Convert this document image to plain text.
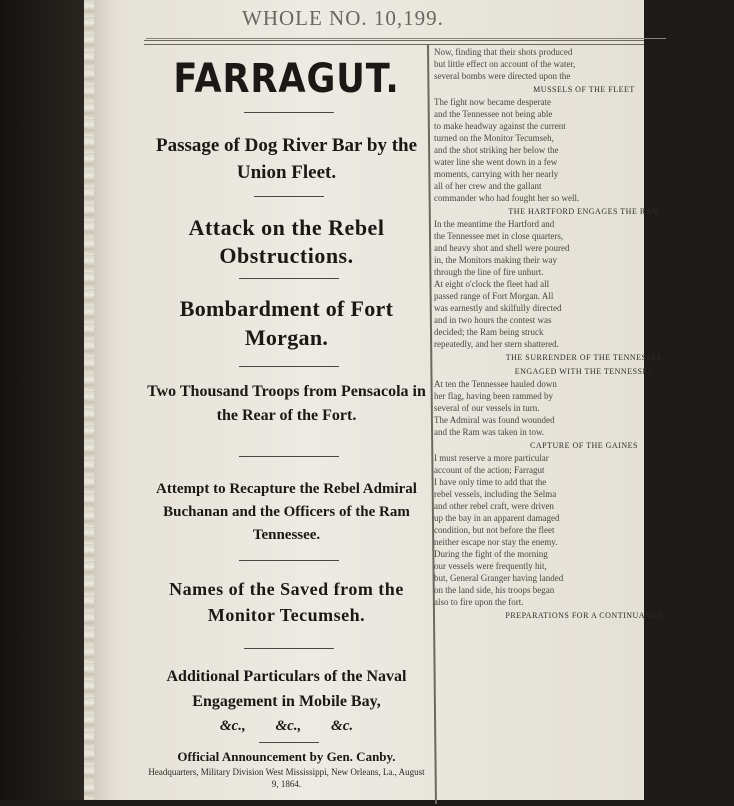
WHOLE NO. 10,199.
FARRAGUT.
Passage of Dog River Bar by the Union Fleet.
Attack on the Rebel Obstructions.
Bombardment of Fort Morgan.
Two Thousand Troops from Pensacola in the Rear of the Fort.
Attempt to Recapture the Rebel Admiral Buchanan and the Officers of the Ram Tennessee.
Names of the Saved from the Monitor Tecumseh.
Additional Particulars of the Naval Engagement in Mobile Bay,
&c., &c., &c.
Official Announcement by Gen. Canby.
Headquarters, Military Division West Mississippi, New Orleans, La., August 9, 1864.

Now, finding that their shots produced

but little effect on account of the water,

several bombs were directed upon the

MUSSELS OF THE FLEET

The fight now became desperate

and the Tennessee not being able

to make headway against the current

turned on the Monitor Tecumseh,

and the shot striking her below the

water line she went down in a few

moments, carrying with her nearly

all of her crew and the gallant

commander who had fought her so well.

THE HARTFORD ENGAGES THE RAM

In the meantime the Hartford and

the Tennessee met in close quarters,

and heavy shot and shell were poured

in, the Monitors making their way

through the line of fire unhurt.

At eight o'clock the fleet had all

passed range of Fort Morgan. All

was earnestly and skilfully directed

and in two hours the contest was

decided; the Ram being struck

repeatedly, and her stern shattered.

THE SURRENDER OF THE TENNESSEE

ENGAGED WITH THE TENNESSEE

At ten the Tennessee hauled down

her flag, having been rammed by

several of our vessels in turn.

The Admiral was found wounded

and the Ram was taken in tow.

CAPTURE OF THE GAINES

I must reserve a more particular

account of the action; Farragut

I have only time to add that the

rebel vessels, including the Selma

and other rebel craft, were driven

up the bay in an apparent damaged

condition, but not before the fleet

neither escape nor stay the enemy.

During the fight of the morning

our vessels were frequently hit,

but, General Granger having landed

on the land side, his troops began

also to fire upon the fort.

PREPARATIONS FOR A CONTINUANCE
